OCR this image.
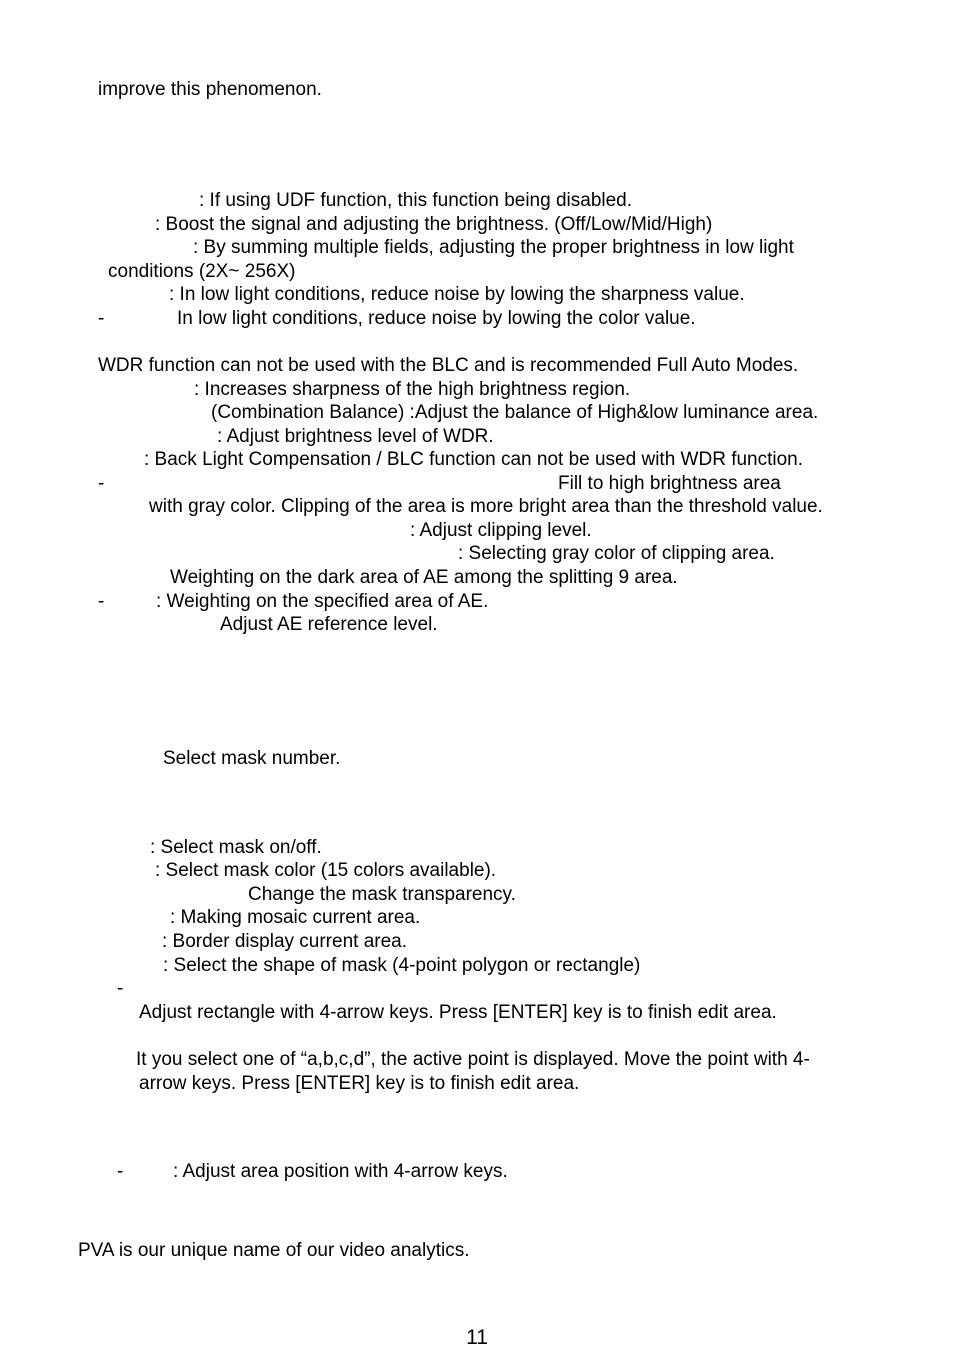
improve this phenomenon.
: If using UDF function, this function being disabled.
: Boost the signal and adjusting the brightness. (Off/Low/Mid/High)
: By summing multiple fields, adjusting the proper brightness in low light
conditions (2X~ 256X)
: In low light conditions, reduce noise by lowing the sharpness value.
-	In low light conditions, reduce noise by lowing the color value.
WDR function can not be used with the BLC and is recommended Full Auto Modes.
: Increases sharpness of the high brightness region.
(Combination Balance) :Adjust the balance of High&low luminance area.
: Adjust brightness level of WDR.
: Back Light Compensation / BLC function can not be used with WDR function.
-	Fill to high brightness area
with gray color. Clipping of the area is more bright area than the threshold value.
: Adjust clipping level.
: Selecting gray color of clipping area.
Weighting on the dark area of AE among the splitting 9 area.
-	: Weighting on the specified area of AE.
Adjust AE reference level.
Select mask number.
: Select mask on/off.
: Select mask color (15 colors available).
Change the mask transparency.
: Making mosaic current area.
: Border display current area.
: Select the shape of mask (4-point polygon or rectangle)
-
Adjust rectangle with 4-arrow keys. Press [ENTER] key is to finish edit area.
It you select one of “a,b,c,d”, the active point is displayed. Move the point with 4-
arrow keys. Press [ENTER] key is to finish edit area.
-	: Adjust area position with 4-arrow keys.
PVA is our unique name of our video analytics.
11
